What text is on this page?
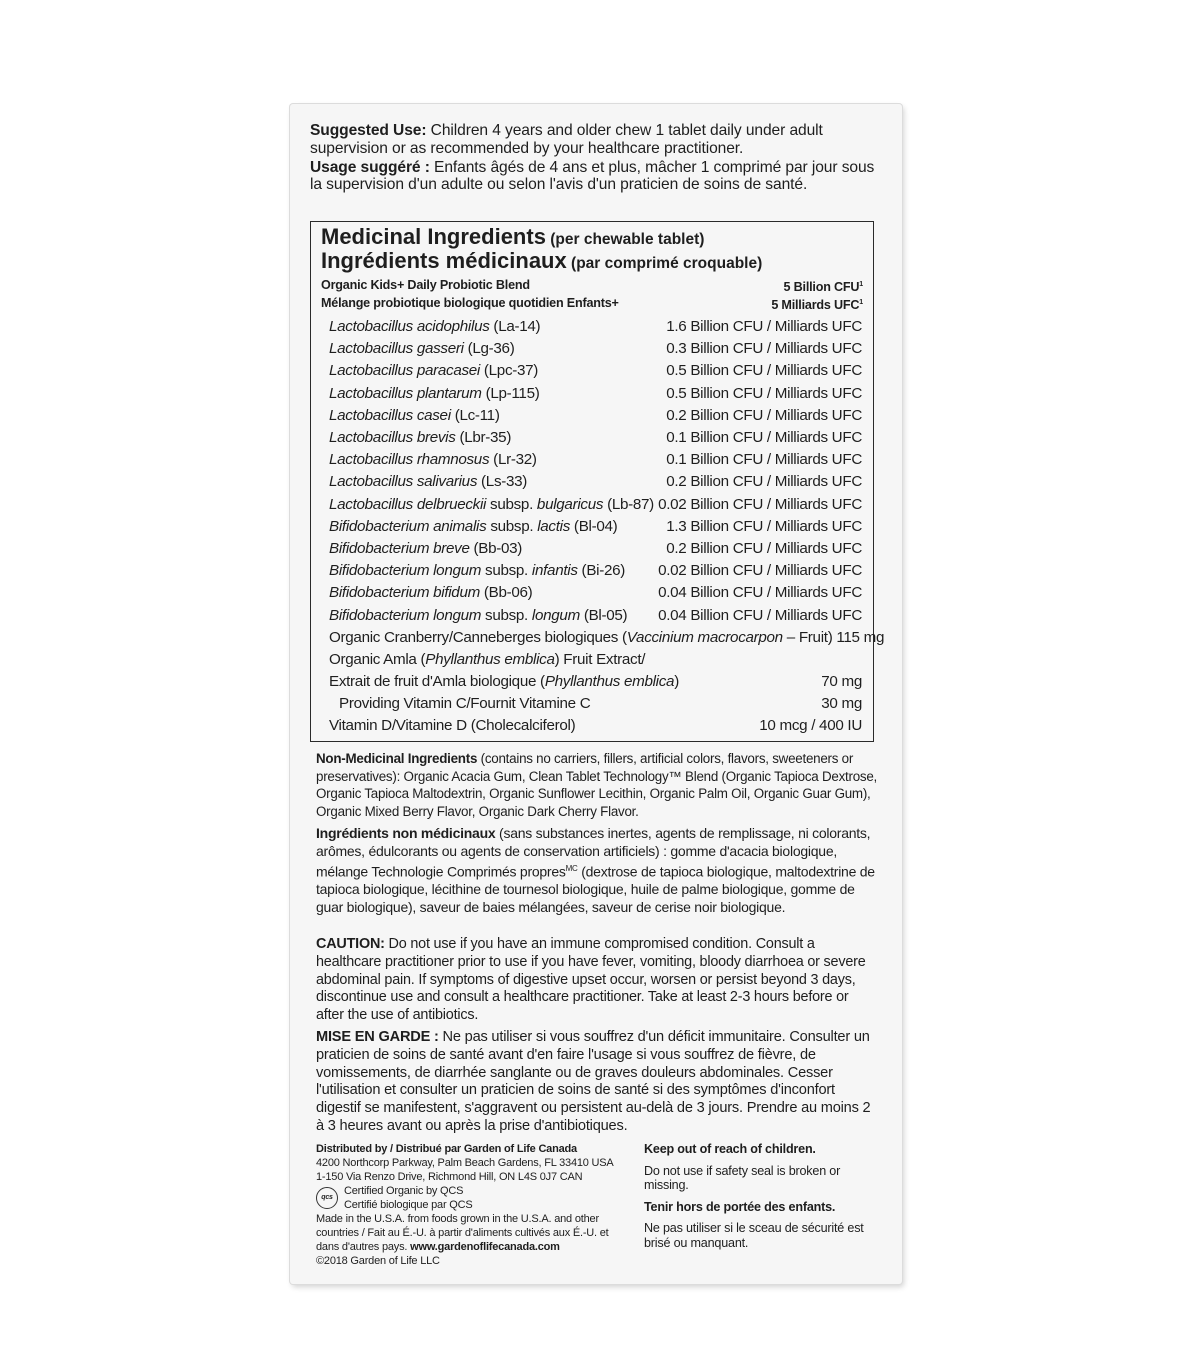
Suggested Use: Children 4 years and older chew 1 tablet daily under adult supervision or as recommended by your healthcare practitioner.

Usage suggéré : Enfants âgés de 4 ans et plus, mâcher 1 comprimé par jour sous la supervision d'un adulte ou selon l'avis d'un praticien de soins de santé.

Medicinal Ingredients (per chewable tablet)
Ingrédients médicinaux (par comprimé croquable)
Organic Kids+ Daily Probiotic Blend	5 Billion CFU$^1$
Mélange probiotique biologique quotidien Enfants+	5 Milliards UFC$^1$
Lactobacillus acidophilus (La-14)	1.6 Billion CFU / Milliards UFC
Lactobacillus gasseri (Lg-36)	0.3 Billion CFU / Milliards UFC
Lactobacillus paracasei (Lpc-37)	0.5 Billion CFU / Milliards UFC
Lactobacillus plantarum (Lp-115)	0.5 Billion CFU / Milliards UFC
Lactobacillus casei (Lc-11)	0.2 Billion CFU / Milliards UFC
Lactobacillus brevis (Lbr-35)	0.1 Billion CFU / Milliards UFC
Lactobacillus rhamnosus (Lr-32)	0.1 Billion CFU / Milliards UFC
Lactobacillus salivarius (Ls-33)	0.2 Billion CFU / Milliards UFC
Lactobacillus delbrueckii subsp. bulgaricus (Lb-87) 0.02 Billion CFU / Milliards UFC
Bifidobacterium animalis subsp. lactis (Bl-04)	1.3 Billion CFU / Milliards UFC
Bifidobacterium breve (Bb-03)	0.2 Billion CFU / Milliards UFC
Bifidobacterium longum subsp. infantis (Bi-26) 0.02 Billion CFU / Milliards UFC
Bifidobacterium bifidum (Bb-06)	0.04 Billion CFU / Milliards UFC
Bifidobacterium longum subsp. longum (Bl-05) 0.04 Billion CFU / Milliards UFC
Organic Cranberry/Canneberges biologiques (Vaccinium macrocarpon – Fruit) 115 mg
Organic Amla (Phyllanthus emblica) Fruit Extract/
Extrait de fruit d'Amla biologique (Phyllanthus emblica)	70 mg
Providing Vitamin C/Fournit Vitamine C	30 mg
Vitamin D/Vitamine D (Cholecalciferol)	10 mcg / 400 IU
Non-Medicinal Ingredients (contains no carriers, fillers, artificial colors, flavors, sweeteners or preservatives): Organic Acacia Gum, Clean Tablet Technology™ Blend (Organic Tapioca Dextrose, Organic Tapioca Maltodextrin, Organic Sunflower Lecithin, Organic Palm Oil, Organic Guar Gum), Organic Mixed Berry Flavor, Organic Dark Cherry Flavor.
Ingrédients non médicinaux (sans substances inertes, agents de remplissage, ni colorants, arômes, édulcorants ou agents de conservation artificiels) : gomme d'acacia biologique, mélange Technologie Comprimés propres$^{MC}$ (dextrose de tapioca biologique, maltodextrine de tapioca biologique, lécithine de tournesol biologique, huile de palme biologique, gomme de guar biologique), saveur de baies mélangées, saveur de cerise noir biologique.
CAUTION: Do not use if you have an immune compromised condition. Consult a healthcare practitioner prior to use if you have fever, vomiting, bloody diarrhoea or severe abdominal pain. If symptoms of digestive upset occur, worsen or persist beyond 3 days, discontinue use and consult a healthcare practitioner. Take at least 2-3 hours before or after the use of antibiotics.
MISE EN GARDE : Ne pas utiliser si vous souffrez d'un déficit immunitaire. Consulter un praticien de soins de santé avant d'en faire l'usage si vous souffrez de fièvre, de vomissements, de diarrhée sanglante ou de graves douleurs abdominales. Cesser l'utilisation et consulter un praticien de soins de santé si des symptômes d'inconfort digestif se manifestent, s'aggravent ou persistent au-delà de 3 jours. Prendre au moins 2 à 3 heures avant ou après la prise d'antibiotiques.

Distributed by / Distribué par Garden of Life Canada

4200 Northcorp Parkway, Palm Beach Gardens, FL 33410 USA

1-150 Via Renzo Drive, Richmond Hill, ON L4S 0J7 CAN

qcs

Certified Organic by QCS

Certifié biologique par QCS

Made in the U.S.A. from foods grown in the U.S.A. and other countries / Fait au É.-U. à partir d'aliments cultivés aux É.-U. et dans d'autres pays. www.gardenoflifecanada.com

©2018 Garden of Life LLC

Keep out of reach of children.

Do not use if safety seal is broken or missing.

Tenir hors de portée des enfants.

Ne pas utiliser si le sceau de sécurité est brisé ou manquant.
